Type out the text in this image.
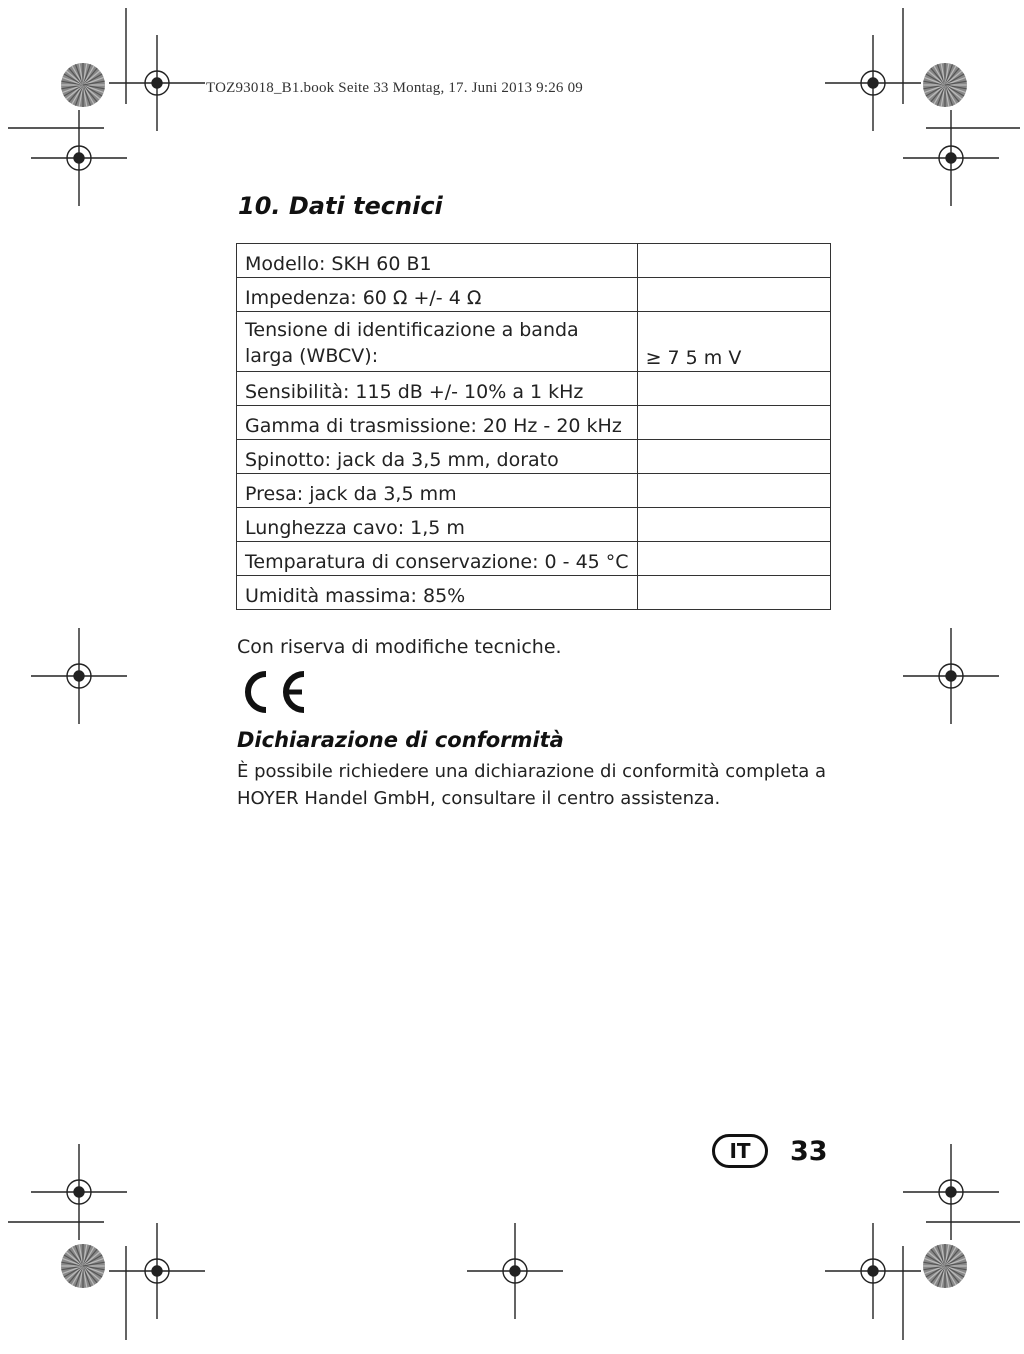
TOZ93018_B1.book Seite 33 Montag, 17. Juni 2013 9:26 09
10. Dati tecnici
Modello: SKH 60 B1	
Impedenza: 60 Ω +/- 4 Ω	
Tensione di identificazione a banda larga (WBCV):	≥ 7 5 m V
Sensibilità: 115 dB +/- 10% a 1 kHz	
Gamma di trasmissione: 20 Hz - 20 kHz	
Spinotto: jack da 3,5 mm, dorato	
Presa: jack da 3,5 mm	
Lunghezza cavo: 1,5 m	
Temparatura di conservazione: 0 - 45 °C	
Umidità massima: 85%	

Con riserva di modifiche tecniche.

Dichiarazione di conformità

È possibile richiedere una dichiarazione di conformità completa a HOYER Handel GmbH, consultare il centro assistenza.

IT	33
